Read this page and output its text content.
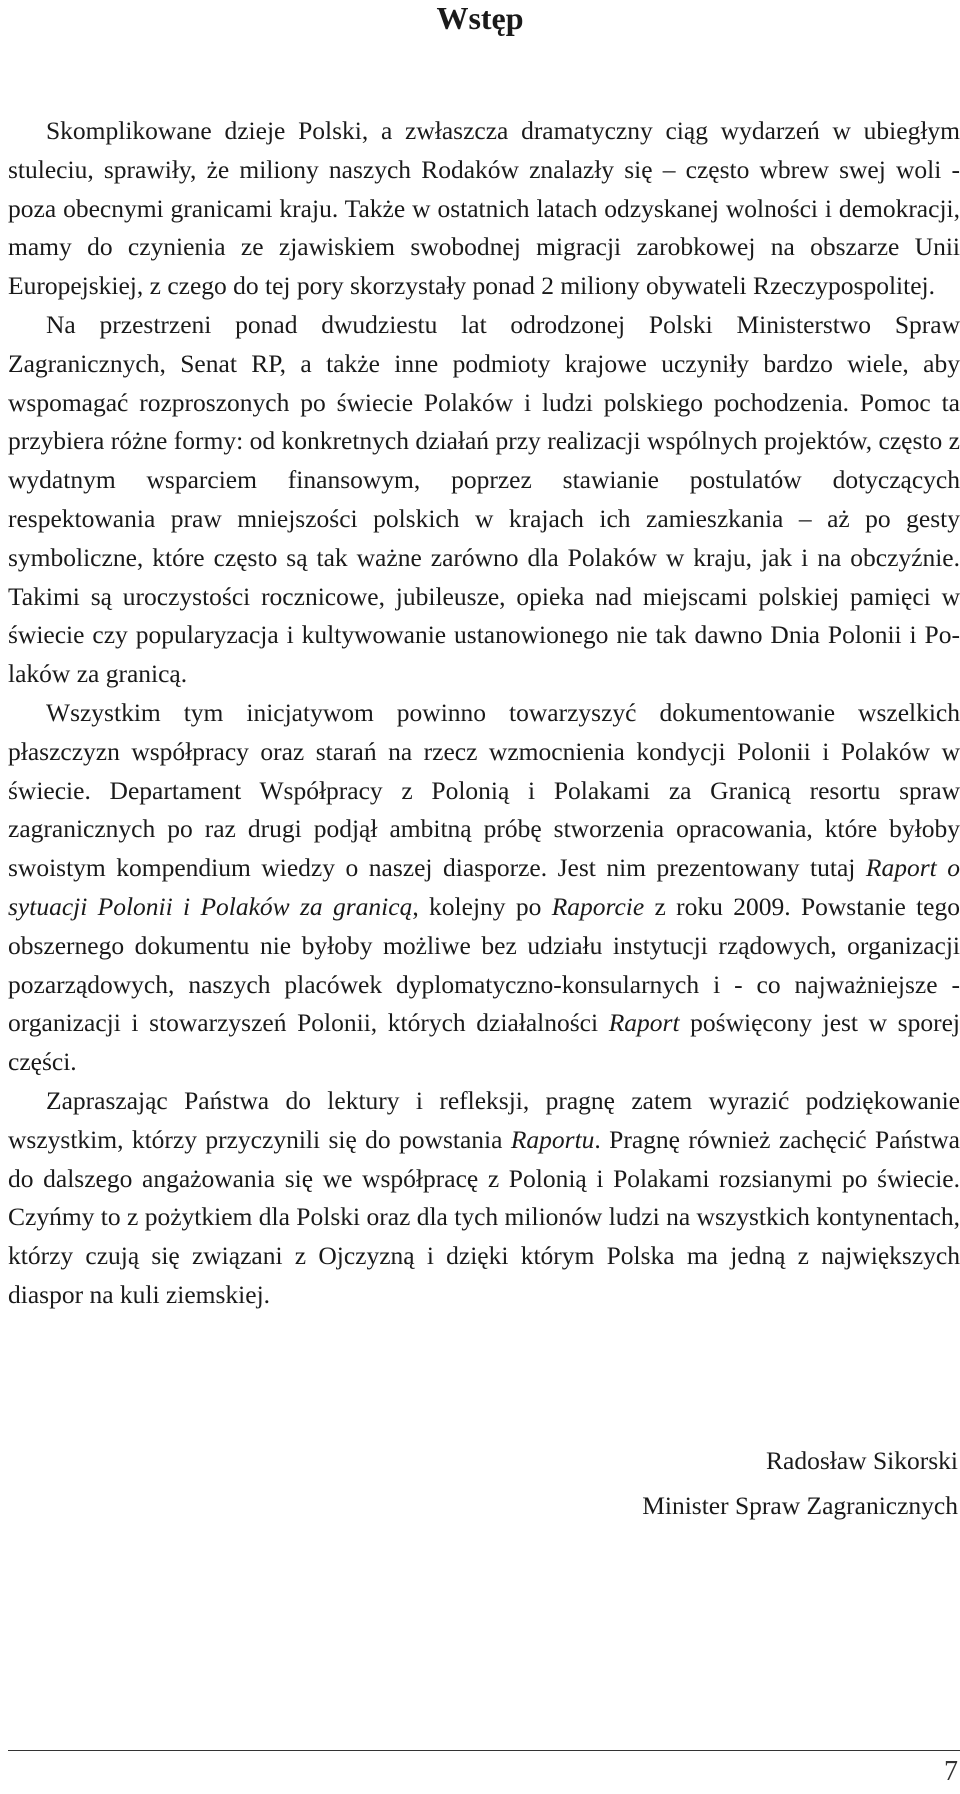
Wstęp

Skomplikowane dzieje Polski, a zwłaszcza dramatyczny ciąg wydarzeń w ubiegłym stuleciu, sprawiły, że miliony naszych Rodaków znalazły się – często wbrew swej woli - poza obecnymi granicami kraju. Także w ostatnich latach odzyskanej wolności i demokracji, mamy do czynienia ze zjawiskiem swobodnej migracji zarobkowej na obszarze Unii Europejskiej, z czego do tej pory skorzystały ponad 2 miliony obywateli Rzeczypospolitej.

Na przestrzeni ponad dwudziestu lat odrodzonej Polski Ministerstwo Spraw Zagranicznych, Senat RP, a także inne podmioty krajowe uczyniły bardzo wiele, aby wspomagać rozproszonych po świecie Polaków i ludzi polskiego pochodzenia. Pomoc ta przybiera różne formy: od konkretnych działań przy realizacji wspólnych projektów, często z wydatnym wsparciem finansowym, poprzez stawianie postulatów dotyczących respektowania praw mniejszości polskich w krajach ich zamieszkania – aż po gesty symboliczne, które często są tak ważne zarówno dla Polaków w kraju, jak i na obczyźnie. Takimi są uroczystości rocznicowe, jubileusze, opieka nad miejscami polskiej pamięci w świecie czy popularyzacja i kultywowanie ustanowionego nie tak dawno Dnia Polonii i Polaków za granicą.

Wszystkim tym inicjatywom powinno towarzyszyć dokumentowanie wszelkich płaszczyzn współpracy oraz starań na rzecz wzmocnienia kondycji Polonii i Polaków w świecie. Departament Współpracy z Polonią i Polakami za Granicą resortu spraw zagranicznych po raz drugi podjął ambitną próbę stworzenia opracowania, które byłoby swoistym kompendium wiedzy o naszej diasporze. Jest nim prezentowany tutaj Raport o sytuacji Polonii i Polaków za granicą, kolejny po Raporcie z roku 2009. Powstanie tego obszernego dokumentu nie byłoby możliwe bez udziału instytucji rządowych, organizacji pozarządowych, naszych placówek dyplomatyczno-konsularnych i - co najważniejsze - organizacji i stowarzyszeń Polonii, których działalności Raport poświęcony jest w sporej części.

Zapraszając Państwa do lektury i refleksji, pragnę zatem wyrazić podziękowanie wszystkim, którzy przyczynili się do powstania Raportu. Pragnę również zachęcić Państwa do dalszego angażowania się we współpracę z Polonią i Polakami rozsianymi po świecie. Czyńmy to z pożytkiem dla Polski oraz dla tych milionów ludzi na wszystkich kontynentach, którzy czują się związani z Ojczyzną i dzięki którym Polska ma jedną z największych diaspor na kuli ziemskiej.

Radosław Sikorski
Minister Spraw Zagranicznych
7
